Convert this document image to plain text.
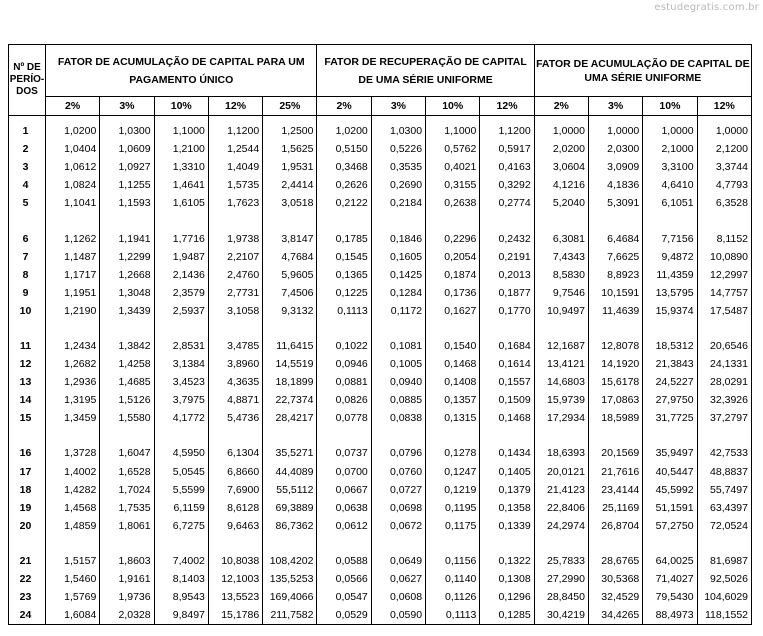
estudegratis.com.br
Nº DE PERÍO-DOS	FATOR DE ACUMULAÇÃO DE CAPITAL PARA UM PAGAMENTO ÚNICO					FATOR DE RECUPERAÇÃO DE CAPITAL DE UMA SÉRIE UNIFORME				FATOR DE ACUMULAÇÃO DE CAPITAL DE UMA SÉRIE UNIFORME			
	2%	3%	10%	12%	25%	2%	3%	10%	12%	2%	3%	10%	12%

1	1,0200	1,0300	1,1000	1,1200	1,2500	1,0200	1,0300	1,1000	1,1200	1,0000	1,0000	1,0000	1,0000
2	1,0404	1,0609	1,2100	1,2544	1,5625	0,5150	0,5226	0,5762	0,5917	2,0200	2,0300	2,1000	2,1200
3	1,0612	1,0927	1,3310	1,4049	1,9531	0,3468	0,3535	0,4021	0,4163	3,0604	3,0909	3,3100	3,3744
4	1,0824	1,1255	1,4641	1,5735	2,4414	0,2626	0,2690	0,3155	0,3292	4,1216	4,1836	4,6410	4,7793
5	1,1041	1,1593	1,6105	1,7623	3,0518	0,2122	0,2184	0,2638	0,2774	5,2040	5,3091	6,1051	6,3528

6	1,1262	1,1941	1,7716	1,9738	3,8147	0,1785	0,1846	0,2296	0,2432	6,3081	6,4684	7,7156	8,1152
7	1,1487	1,2299	1,9487	2,2107	4,7684	0,1545	0,1605	0,2054	0,2191	7,4343	7,6625	9,4872	10,0890
8	1,1717	1,2668	2,1436	2,4760	5,9605	0,1365	0,1425	0,1874	0,2013	8,5830	8,8923	11,4359	12,2997
9	1,1951	1,3048	2,3579	2,7731	7,4506	0,1225	0,1284	0,1736	0,1877	9,7546	10,1591	13,5795	14,7757
10	1,2190	1,3439	2,5937	3,1058	9,3132	0,1113	0,1172	0,1627	0,1770	10,9497	11,4639	15,9374	17,5487

11	1,2434	1,3842	2,8531	3,4785	11,6415	0,1022	0,1081	0,1540	0,1684	12,1687	12,8078	18,5312	20,6546
12	1,2682	1,4258	3,1384	3,8960	14,5519	0,0946	0,1005	0,1468	0,1614	13,4121	14,1920	21,3843	24,1331
13	1,2936	1,4685	3,4523	4,3635	18,1899	0,0881	0,0940	0,1408	0,1557	14,6803	15,6178	24,5227	28,0291
14	1,3195	1,5126	3,7975	4,8871	22,7374	0,0826	0,0885	0,1357	0,1509	15,9739	17,0863	27,9750	32,3926
15	1,3459	1,5580	4,1772	5,4736	28,4217	0,0778	0,0838	0,1315	0,1468	17,2934	18,5989	31,7725	37,2797

16	1,3728	1,6047	4,5950	6,1304	35,5271	0,0737	0,0796	0,1278	0,1434	18,6393	20,1569	35,9497	42,7533
17	1,4002	1,6528	5,0545	6,8660	44,4089	0,0700	0,0760	0,1247	0,1405	20,0121	21,7616	40,5447	48,8837
18	1,4282	1,7024	5,5599	7,6900	55,5112	0,0667	0,0727	0,1219	0,1379	21,4123	23,4144	45,5992	55,7497
19	1,4568	1,7535	6,1159	8,6128	69,3889	0,0638	0,0698	0,1195	0,1358	22,8406	25,1169	51,1591	63,4397
20	1,4859	1,8061	6,7275	9,6463	86,7362	0,0612	0,0672	0,1175	0,1339	24,2974	26,8704	57,2750	72,0524

21	1,5157	1,8603	7,4002	10,8038	108,4202	0,0588	0,0649	0,1156	0,1322	25,7833	28,6765	64,0025	81,6987
22	1,5460	1,9161	8,1403	12,1003	135,5253	0,0566	0,0627	0,1140	0,1308	27,2990	30,5368	71,4027	92,5026
23	1,5769	1,9736	8,9543	13,5523	169,4066	0,0547	0,0608	0,1126	0,1296	28,8450	32,4529	79,5430	104,6029
24	1,6084	2,0328	9,8497	15,1786	211,7582	0,0529	0,0590	0,1113	0,1285	30,4219	34,4265	88,4973	118,1552
